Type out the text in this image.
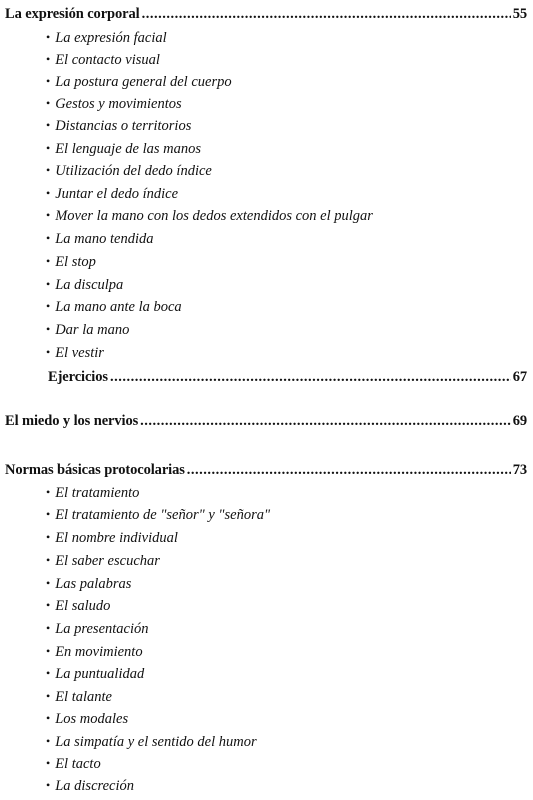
La expresión corporal .....	55
• La expresión facial
• El contacto visual
• La postura general del cuerpo
• Gestos y movimientos
• Distancias o territorios
• El lenguaje de las manos
• Utilización del dedo índice
• Juntar el dedo índice
• Mover la mano con los dedos extendidos con el pulgar
• La mano tendida
• El stop
• La disculpa
• La mano ante la boca
• Dar la mano
• El vestir
Ejercicios .....	67
El miedo y los nervios .....	69
Normas básicas protocolarias .....	73
• El tratamiento
• El tratamiento de "señor" y "señora"
• El nombre individual
• El saber escuchar
• Las palabras
• El saludo
• La presentación
• En movimiento
• La puntualidad
• El talante
• Los modales
• La simpatía y el sentido del humor
• El tacto
• La discreción
